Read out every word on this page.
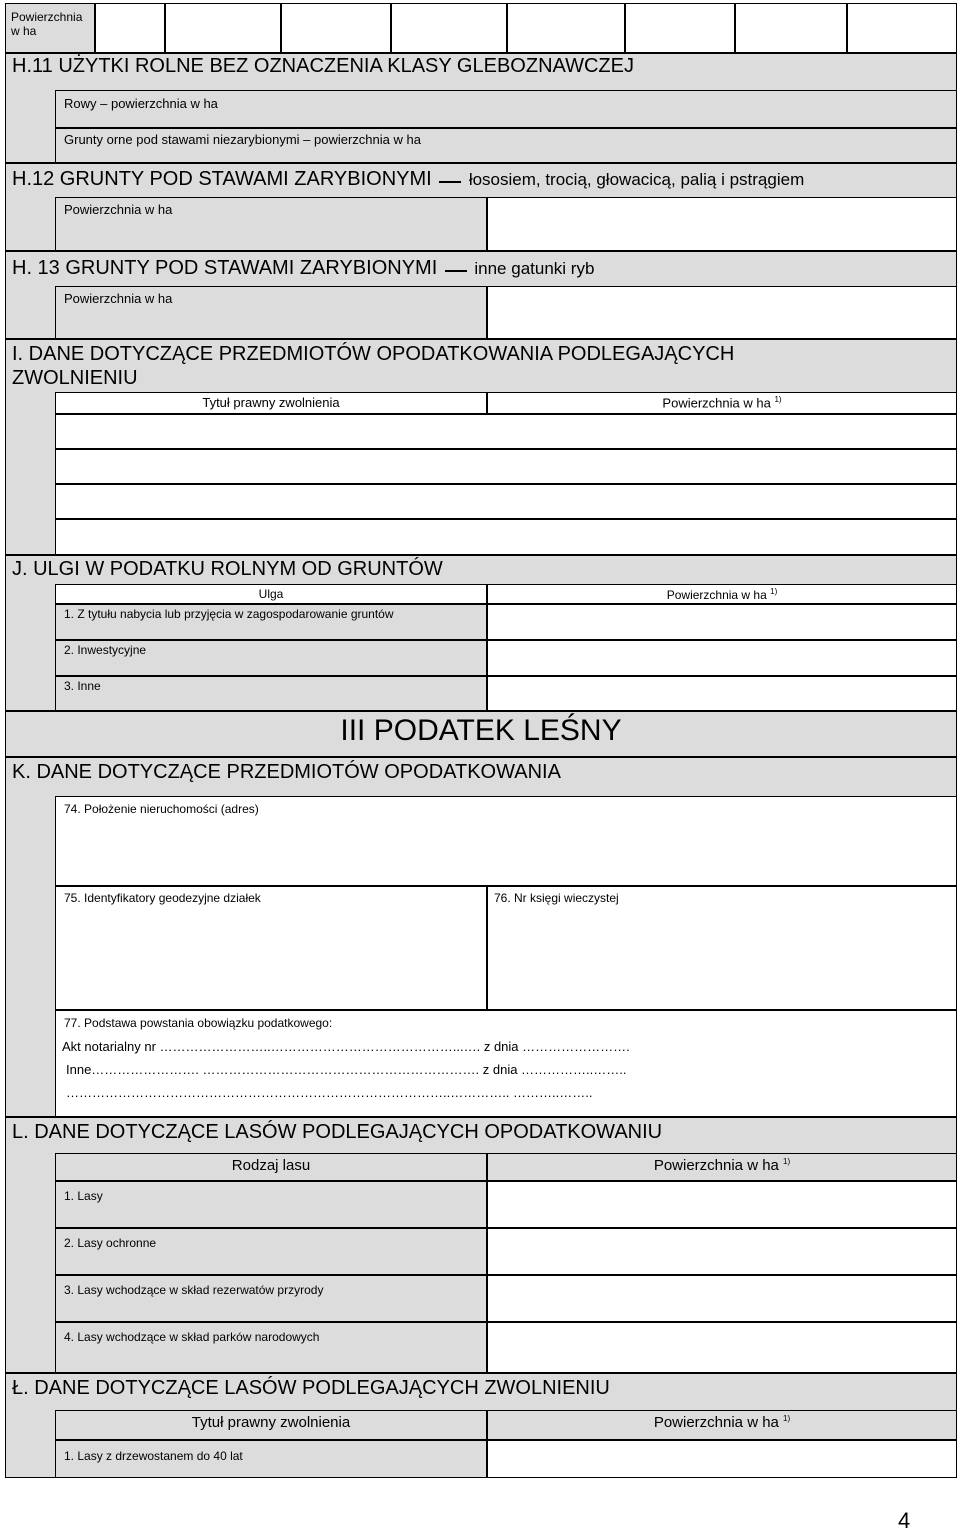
Powierzchnia w ha
H.11 UŻYTKI ROLNE BEZ OZNACZENIA KLASY GLEBOZNAWCZEJ
Rowy – powierzchnia w ha
Grunty orne pod stawami niezarybionymi – powierzchnia w ha
H.12 GRUNTY POD STAWAMI ZARYBIONYMI łososiem, trocią, głowacicą, palią i pstrągiem
Powierzchnia w ha
H. 13 GRUNTY POD STAWAMI ZARYBIONYMI inne gatunki ryb
Powierzchnia w ha
I. DANE DOTYCZĄCE PRZEDMIOTÓW OPODATKOWANIA PODLEGAJĄCYCH
ZWOLNIENIU
Tytuł prawny zwolnienia	Powierzchnia w ha $^{1)}$
J. ULGI W PODATKU ROLNYM OD GRUNTÓW
Ulga	Powierzchnia w ha $^{1)}$
1. Z tytułu nabycia lub przyjęcia w zagospodarowanie gruntów
2. Inwestycyjne
3. Inne
III PODATEK LEŚNY
K. DANE DOTYCZĄCE PRZEDMIOTÓW OPODATKOWANIA
74. Położenie nieruchomości (adres)
75. Identyfikatory geodezyjne działek	76. Nr księgi wieczystej
77. Podstawa powstania obowiązku podatkowego:
Akt notarialny nr ……………………..……………………………………...…. z dnia …………………….
Inne……………………. ………………………………………………………. z dnia ……………..……..
……………………………………………………………………………..………….. ………..……..
L. DANE DOTYCZĄCE LASÓW PODLEGAJĄCYCH OPODATKOWANIU
Rodzaj lasu	Powierzchnia w ha $^{1)}$
1. Lasy
2. Lasy ochronne
3. Lasy wchodzące w skład rezerwatów przyrody
4. Lasy wchodzące w skład parków narodowych
Ł. DANE DOTYCZĄCE LASÓW PODLEGAJĄCYCH ZWOLNIENIU
Tytuł prawny zwolnienia	Powierzchnia w ha $^{1)}$
1. Lasy z drzewostanem do 40 lat
4
